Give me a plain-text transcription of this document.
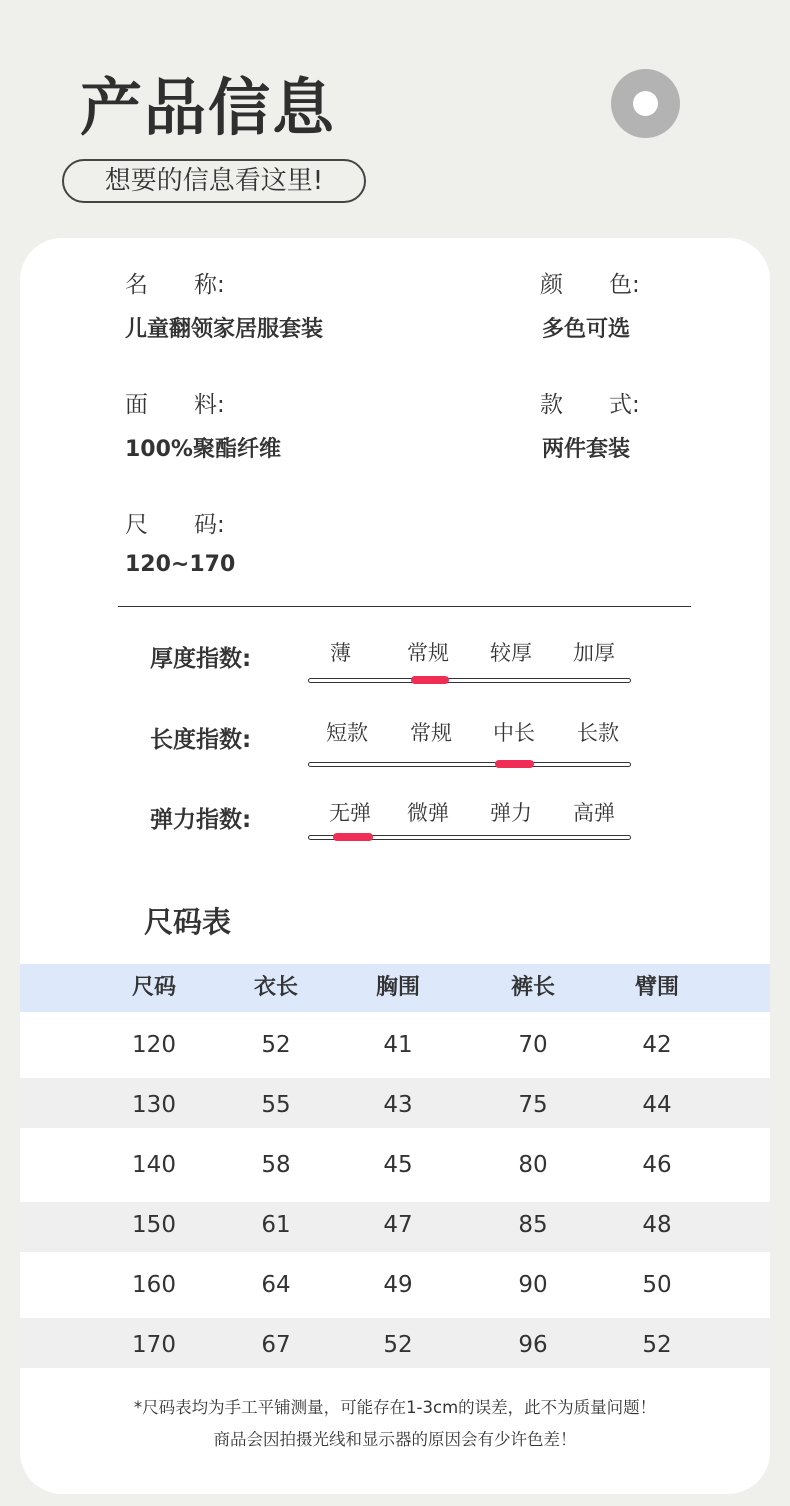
产品信息
想要的信息看这里!

名　　称:

儿童翻领家居服套装

颜　　色:

多色可选

面　　料:

100%聚酯纤维

款　　式:

两件套装

尺　　码:

120~170

厚度指数:	薄	常规 较厚 加厚
长度指数:	短款 常规 中长 长款
弹力指数:	无弹 微弹 弹力 高弹
尺码表
尺码	衣长	胸围	裤长	臂围
120	52	41	70	42
130	55	43	75	44
140	58	45	80	46
150	61	47	85	48
160	64	49	90	50
170	67	52	96	52

*尺码表均为手工平铺测量，可能存在1-3cm的误差，此不为质量问题！

商品会因拍摄光线和显示器的原因会有少许色差！
